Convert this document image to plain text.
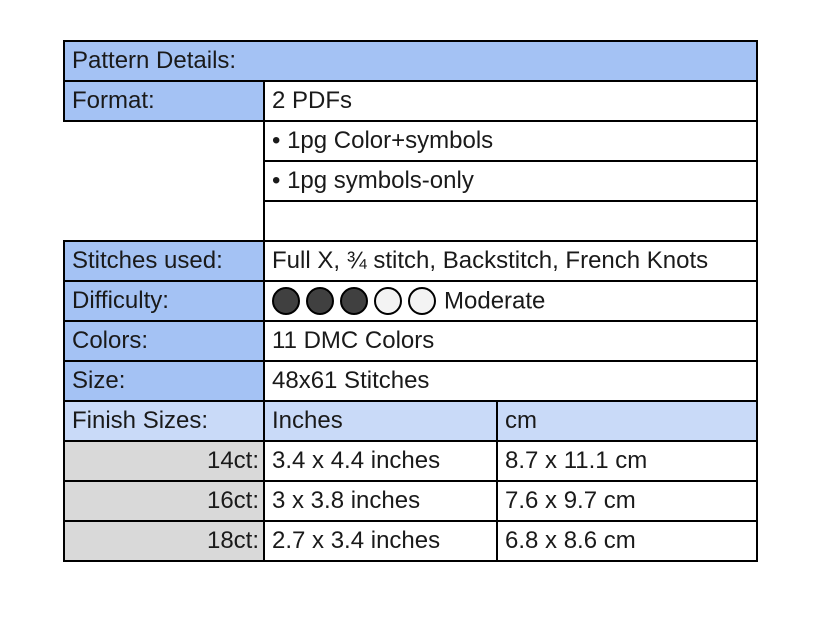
Pattern Details:		
Format:	2 PDFs	
	• 1pg Color+symbols	
	• 1pg symbols-only	

Stitches used:	Full X, ¾ stitch, Backstitch, French Knots	
Difficulty:	Moderate	
Colors:	11 DMC Colors	
Size:	48x61 Stitches	
Finish Sizes:	Inches	cm
14ct:	3.4 x 4.4 inches	8.7 x 11.1 cm
16ct:	3 x 3.8 inches	7.6 x 9.7 cm
18ct:	2.7 x 3.4 inches	6.8 x 8.6 cm
